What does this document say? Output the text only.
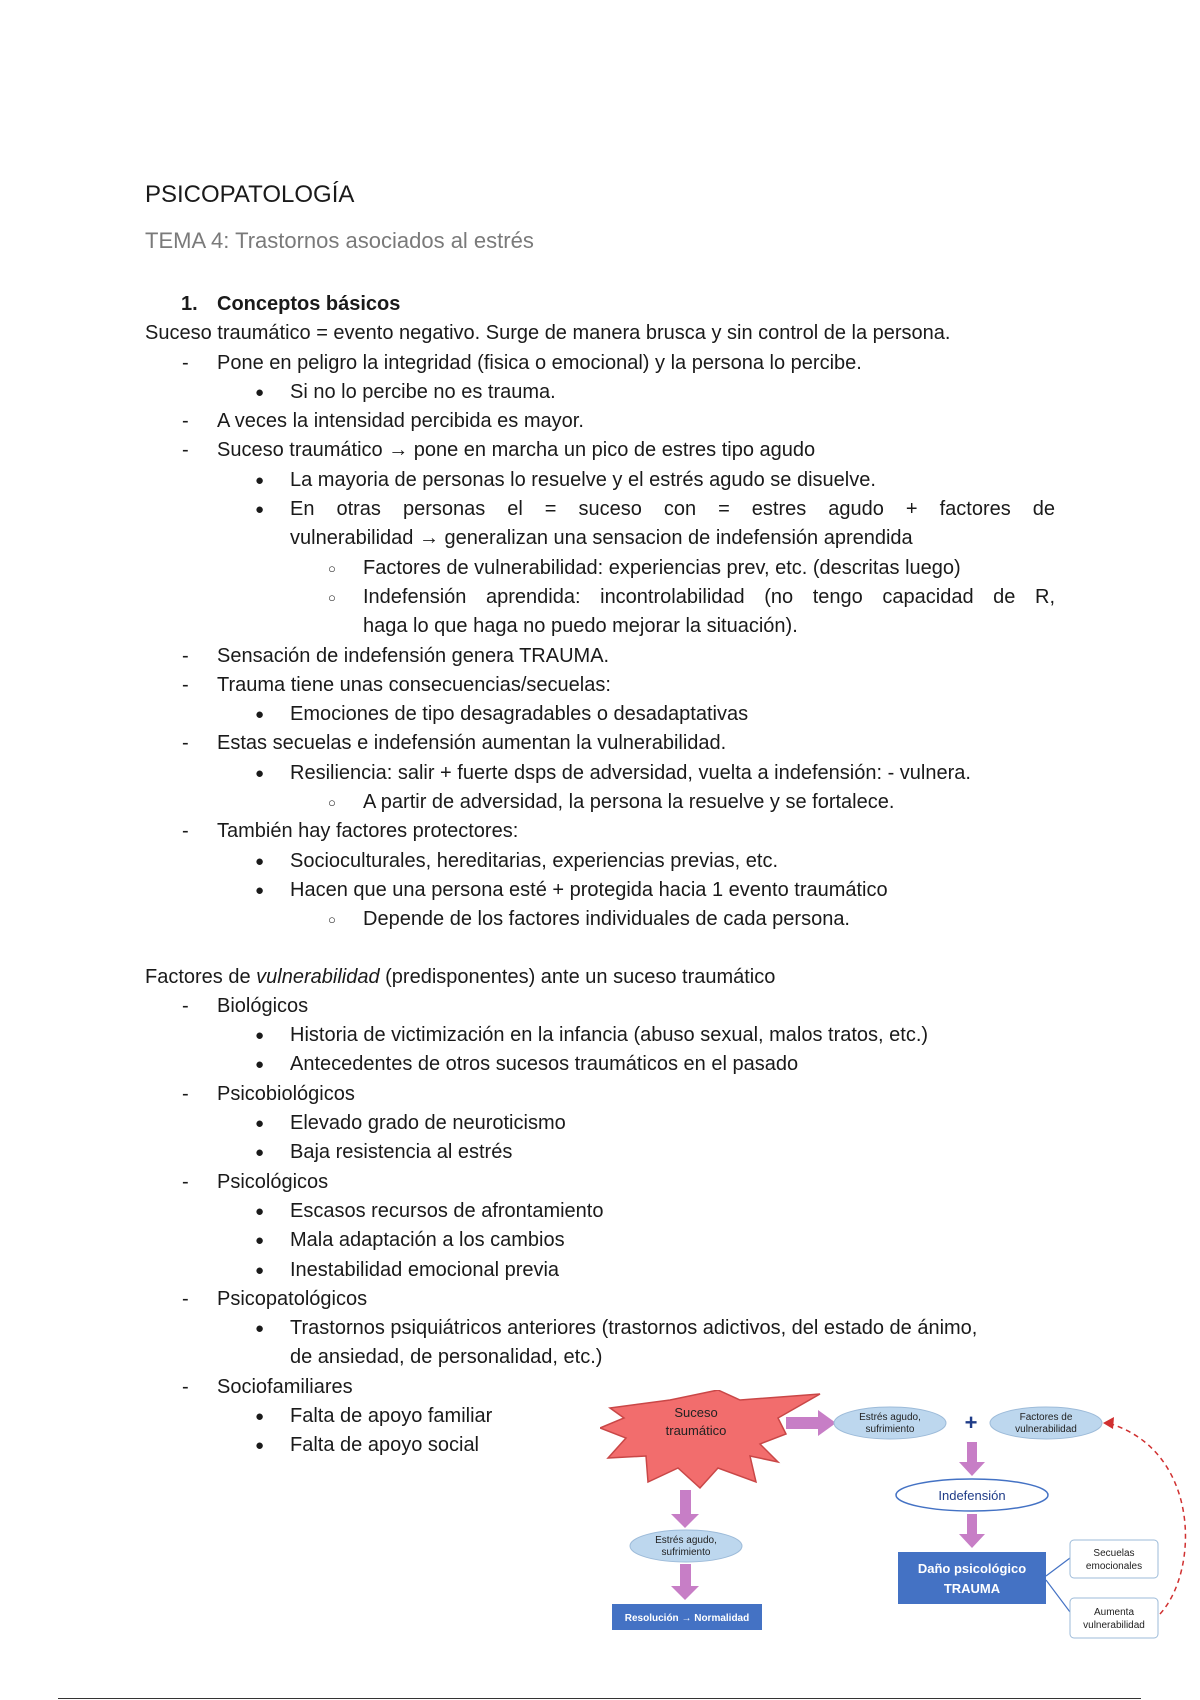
PSICOPATOLOGÍA
TEMA 4: Trastornos asociados al estrés
1. Conceptos básicos
Suceso traumático = evento negativo. Surge de manera brusca y sin control de la persona.
- Pone en peligro la integridad (fisica o emocional) y la persona lo percibe.
● Si no lo percibe no es trauma.
- A veces la intensidad percibida es mayor.
- Suceso traumático → pone en marcha un pico de estres tipo agudo
● La mayoria de personas lo resuelve y el estrés agudo se disuelve.
● En otras personas el = suceso con = estres agudo + factores de
vulnerabilidad → generalizan una sensacion de indefensión aprendida
○ Factores de vulnerabilidad: experiencias prev, etc. (descritas luego)
○ Indefensión aprendida: incontrolabilidad (no tengo capacidad de R,
haga lo que haga no puedo mejorar la situación).
- Sensación de indefensión genera TRAUMA.
- Trauma tiene unas consecuencias/secuelas:
● Emociones de tipo desagradables o desadaptativas
- Estas secuelas e indefensión aumentan la vulnerabilidad.
● Resiliencia: salir + fuerte dsps de adversidad, vuelta a indefensión: - vulnera.
○ A partir de adversidad, la persona la resuelve y se fortalece.
- También hay factores protectores:
● Socioculturales, hereditarias, experiencias previas, etc.
● Hacen que una persona esté + protegida hacia 1 evento traumático
○ Depende de los factores individuales de cada persona.
Factores de vulnerabilidad (predisponentes) ante un suceso traumático
- Biológicos
● Historia de victimización en la infancia (abuso sexual, malos tratos, etc.)
● Antecedentes de otros sucesos traumáticos en el pasado
- Psicobiológicos
● Elevado grado de neuroticismo
● Baja resistencia al estrés
- Psicológicos
● Escasos recursos de afrontamiento
● Mala adaptación a los cambios
● Inestabilidad emocional previa
- Psicopatológicos
● Trastornos psiquiátricos anteriores (trastornos adictivos, del estado de ánimo,
de ansiedad, de personalidad, etc.)
- Sociofamiliares
● Falta de apoyo familiar
● Falta de apoyo social
Suceso
traumático
Estrés agudo,
sufrimiento +	Factores de
vulnerabilidad
Indefensión
Daño psicológico
TRAUMA
Secuelas
emocionales
Aumenta
vulnerabilidad
Estrés agudo,
sufrimiento
Resolución → Normalidad
